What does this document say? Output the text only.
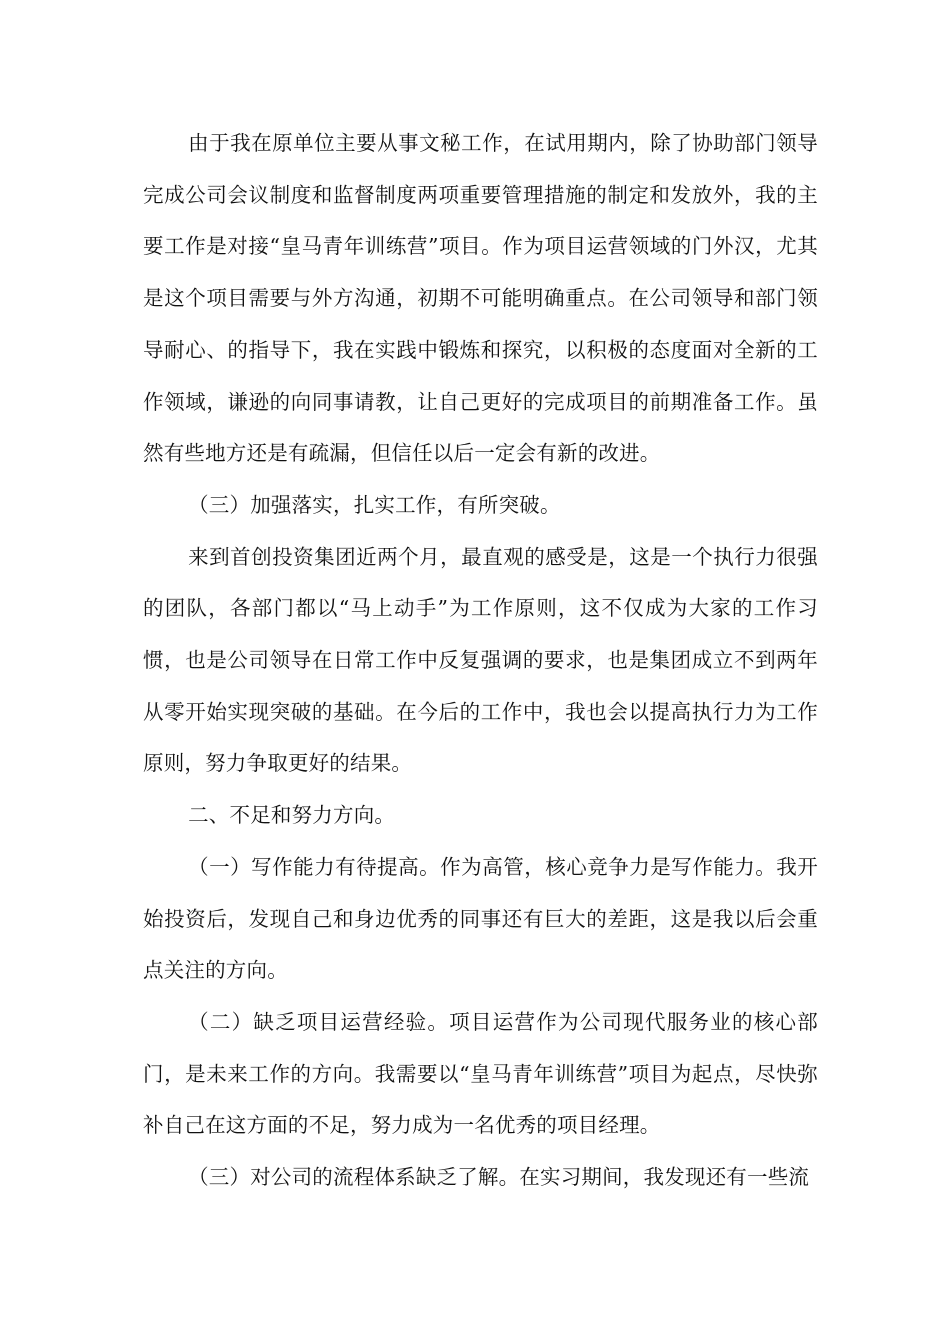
由于我在原单位主要从事文秘工作，在试用期内，除了协助部门领导完成公司会议制度和监督制度两项重要管理措施的制定和发放外，我的主要工作是对接“皇马青年训练营”项目。作为项目运营领域的门外汉，尤其是这个项目需要与外方沟通，初期不可能明确重点。在公司领导和部门领导耐心、的指导下，我在实践中锻炼和探究，以积极的态度面对全新的工作领域，谦逊的向同事请教，让自己更好的完成项目的前期准备工作。虽然有些地方还是有疏漏，但信任以后一定会有新的改进。

（三）加强落实，扎实工作，有所突破。

来到首创投资集团近两个月，最直观的感受是，这是一个执行力很强的团队，各部门都以“马上动手”为工作原则，这不仅成为大家的工作习惯，也是公司领导在日常工作中反复强调的要求，也是集团成立不到两年从零开始实现突破的基础。在今后的工作中，我也会以提高执行力为工作原则，努力争取更好的结果。

二、不足和努力方向。

（一）写作能力有待提高。作为高管，核心竞争力是写作能力。我开始投资后，发现自己和身边优秀的同事还有巨大的差距，这是我以后会重点关注的方向。

（二）缺乏项目运营经验。项目运营作为公司现代服务业的核心部门，是未来工作的方向。我需要以“皇马青年训练营”项目为起点，尽快弥补自己在这方面的不足，努力成为一名优秀的项目经理。

（三）对公司的流程体系缺乏了解。在实习期间，我发现还有一些流
